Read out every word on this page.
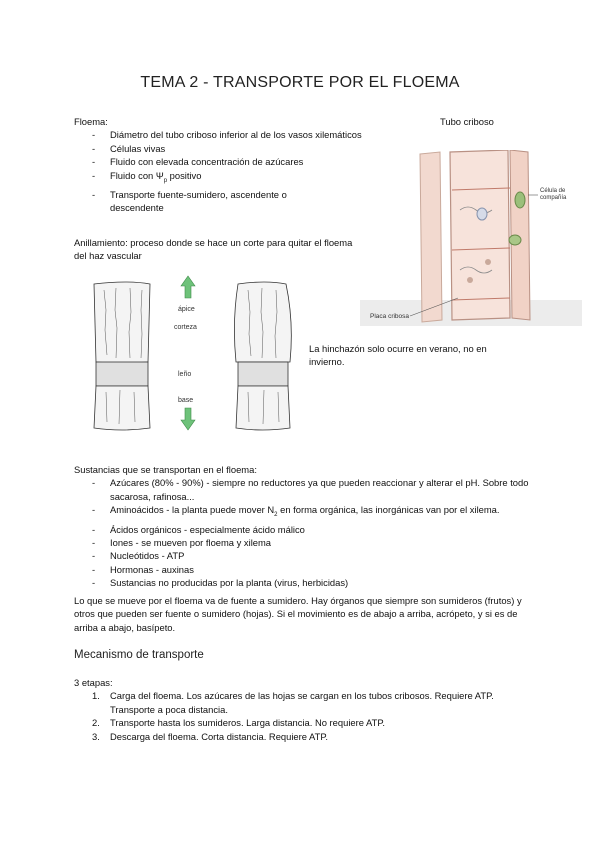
TEMA 2 - TRANSPORTE POR EL FLOEMA
Floema:
- Diámetro del tubo criboso inferior al de los vasos xilemáticos
- Células vivas
- Fluido con elevada concentración de azúcares
- Fluido con $\Psi_p$ positivo
- Transporte fuente-sumidero, ascendente o descendente
Tubo criboso
Célula de
compañía
Placa cribosa
Anillamiento: proceso donde se hace un corte para quitar el floema del haz vascular
ápice
corteza
leño
base
La hinchazón solo ocurre en verano, no en invierno.
Sustancias que se transportan en el floema:
- Azúcares (80% - 90%) - siempre no reductores ya que pueden reaccionar y alterar el pH. Sobre todo sacarosa, rafinosa...
- Aminoácidos - la planta puede mover $N_2$ en forma orgánica, las inorgánicas van por el xilema.
- Ácidos orgánicos - especialmente ácido málico
- Iones - se mueven por floema y xilema
- Nucleótidos - ATP
- Hormonas - auxinas
- Sustancias no producidas por la planta (virus, herbicidas)
Lo que se mueve por el floema va de fuente a sumidero. Hay órganos que siempre son sumideros (frutos) y otros que pueden ser fuente o sumidero (hojas). Si el movimiento es de abajo a arriba, acrópeto, y si es de arriba a abajo, basípeto.
Mecanismo de transporte
3 etapas:
1. Carga del floema. Los azúcares de las hojas se cargan en los tubos cribosos. Requiere ATP. Transporte a poca distancia.
2. Transporte hasta los sumideros. Larga distancia. No requiere ATP.
3. Descarga del floema. Corta distancia. Requiere ATP.
